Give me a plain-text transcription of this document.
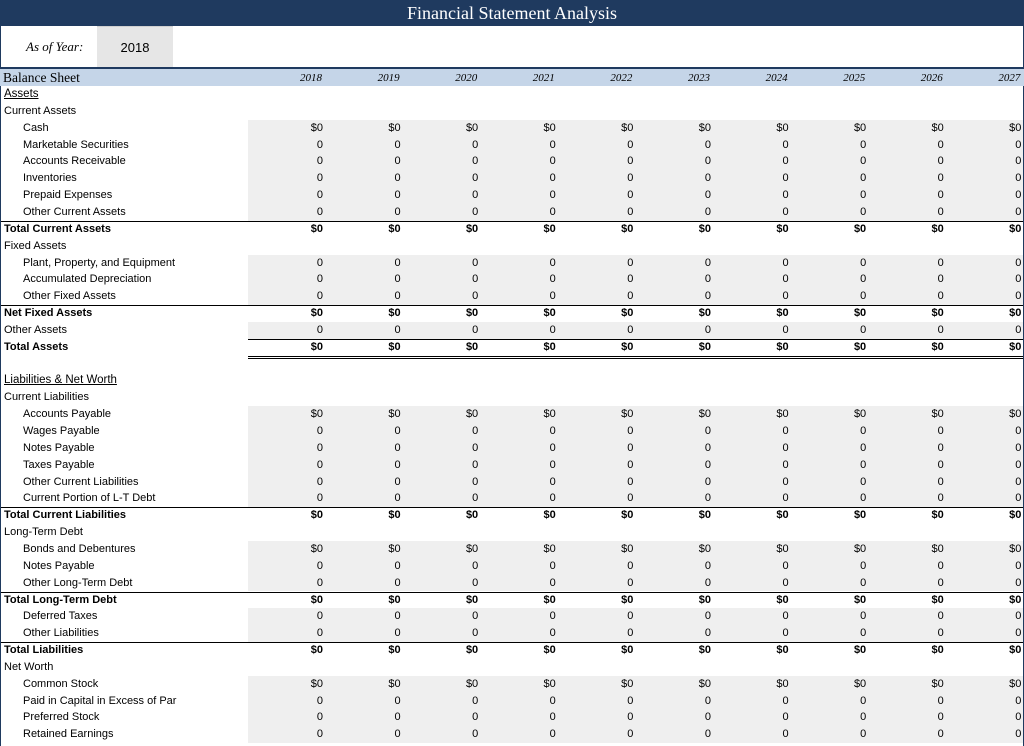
Financial Statement Analysis
As of Year:	2018
Balance Sheet	2018	2019	2020	2021	2022	2023	2024	2025	2026	2027
Assets
Current Assets
Cash	$0	$0	$0	$0	$0	$0	$0	$0	$0	$0
Marketable Securities	0	0	0	0	0	0	0	0	0	0
Accounts Receivable	0	0	0	0	0	0	0	0	0	0
Inventories	0	0	0	0	0	0	0	0	0	0
Prepaid Expenses	0	0	0	0	0	0	0	0	0	0
Other Current Assets	0	0	0	0	0	0	0	0	0	0
Total Current Assets	$0	$0	$0	$0	$0	$0	$0	$0	$0	$0
Fixed Assets
Plant, Property, and Equipment	0	0	0	0	0	0	0	0	0	0
Accumulated Depreciation	0	0	0	0	0	0	0	0	0	0
Other Fixed Assets	0	0	0	0	0	0	0	0	0	0
Net Fixed Assets	$0	$0	$0	$0	$0	$0	$0	$0	$0	$0
Other Assets	0	0	0	0	0	0	0	0	0	0
Total Assets	$0	$0	$0	$0	$0	$0	$0	$0	$0	$0
Liabilities & Net Worth
Current Liabilities
Accounts Payable	$0	$0	$0	$0	$0	$0	$0	$0	$0	$0
Wages Payable	0	0	0	0	0	0	0	0	0	0
Notes Payable	0	0	0	0	0	0	0	0	0	0
Taxes Payable	0	0	0	0	0	0	0	0	0	0
Other Current Liabilities	0	0	0	0	0	0	0	0	0	0
Current Portion of L-T Debt	0	0	0	0	0	0	0	0	0	0
Total Current Liabilities	$0	$0	$0	$0	$0	$0	$0	$0	$0	$0
Long-Term Debt
Bonds and Debentures	$0	$0	$0	$0	$0	$0	$0	$0	$0	$0
Notes Payable	0	0	0	0	0	0	0	0	0	0
Other Long-Term Debt	0	0	0	0	0	0	0	0	0	0
Total Long-Term Debt	$0	$0	$0	$0	$0	$0	$0	$0	$0	$0
Deferred Taxes	0	0	0	0	0	0	0	0	0	0
Other Liabilities	0	0	0	0	0	0	0	0	0	0
Total Liabilities	$0	$0	$0	$0	$0	$0	$0	$0	$0	$0
Net Worth
Common Stock	$0	$0	$0	$0	$0	$0	$0	$0	$0	$0
Paid in Capital in Excess of Par	0	0	0	0	0	0	0	0	0	0
Preferred Stock	0	0	0	0	0	0	0	0	0	0
Retained Earnings	0	0	0	0	0	0	0	0	0	0
